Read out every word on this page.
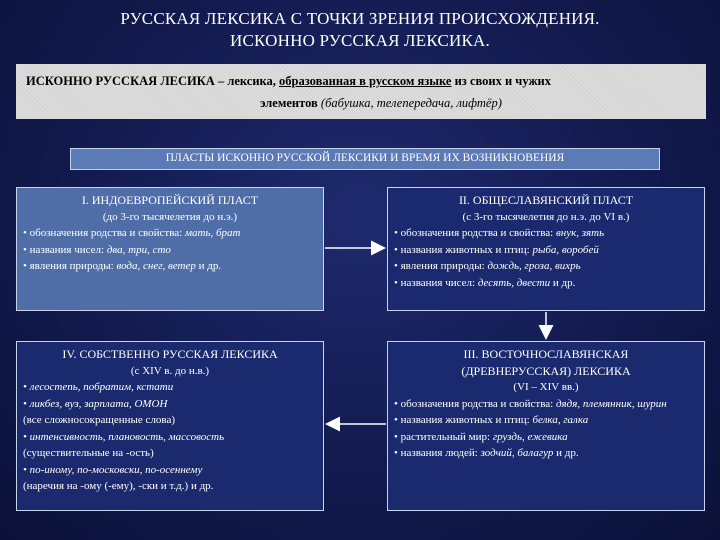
РУССКАЯ ЛЕКСИКА С ТОЧКИ ЗРЕНИЯ ПРОИСХОЖДЕНИЯ.
ИСКОННО РУССКАЯ ЛЕКСИКА.
ИСКОННО РУССКАЯ ЛЕСИКА – лексика, образованная в русском языке из своих и чужих
элементов (бабушка, телепередача, лифтёр)
ПЛАСТЫ ИСКОННО РУССКОЙ ЛЕКСИКИ И ВРЕМЯ ИХ ВОЗНИКНОВЕНИЯ
I. ИНДОЕВРОПЕЙСКИЙ ПЛАСТ
(до 3-го тысячелетия до н.э.)
• обозначения родства и свойства: мать, брат
• названия чисел: два, три, сто
• явления природы: вода, снег, ветер и др.
II. ОБЩЕСЛАВЯНСКИЙ ПЛАСТ
(с 3-го тысячелетия до н.э. до VI в.)
• обозначения родства и свойства: внук, зять
• названия животных и птиц: рыба, воробей
• явления природы: дождь, гроза, вихрь
• названия чисел: десять, двести и др.
III. ВОСТОЧНОСЛАВЯНСКАЯ
(ДРЕВНЕРУССКАЯ) ЛЕКСИКА
(VI – XIV вв.)
• обозначения родства и свойства: дядя, племянник, шурин
• названия животных и птиц: белка, галка
• растительный мир: груздь, ежевика
• названия людей: зодчий, балагур и др.
IV. СОБСТВЕННО РУССКАЯ ЛЕКСИКА
(с XIV в. до н.в.)
• лесостепь, побратим, кстати
• ликбез, вуз, зарплата, ОМОН
(все сложносокращенные слова)
• интенсивность, плановость, массовость
(существительные на -ость)
• по-иному, по-московски, по-осеннему
(наречия на -ому (-ему), -ски и т.д.) и др.
